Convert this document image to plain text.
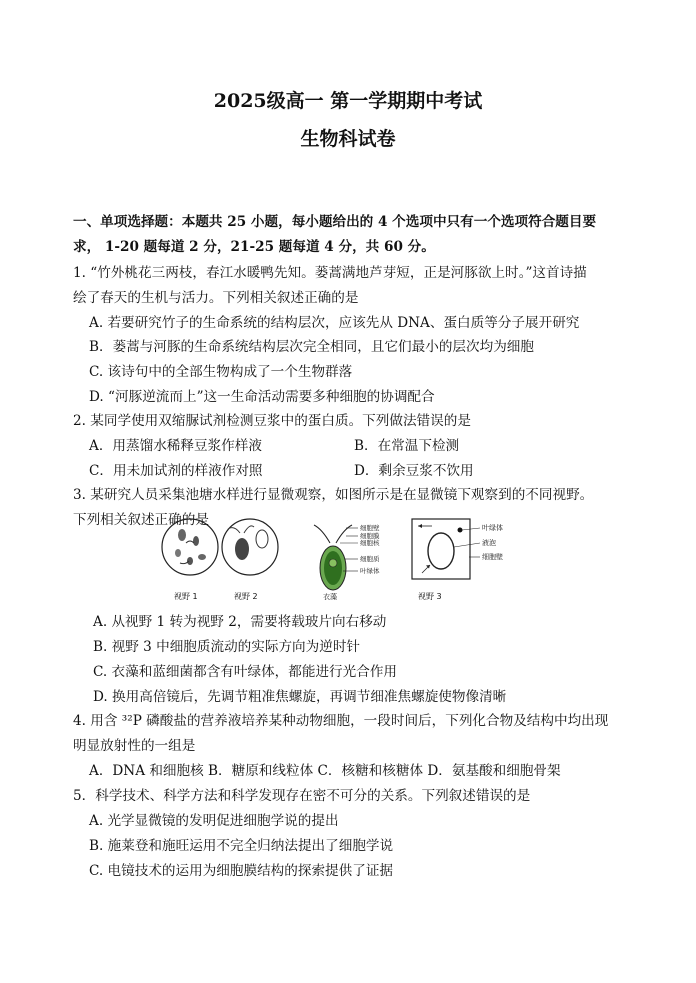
2025级高一 第一学期期中考试
生物科试卷
一、单项选择题：本题共 25 小题，每小题给出的 4 个选项中只有一个选项符合题目要
求， 1-20 题每道 2 分，21-25 题每道 4 分，共 60 分。
1. “竹外桃花三两枝，春江水暖鸭先知。蒌蒿满地芦芽短，正是河豚欲上时。”这首诗描
绘了春天的生机与活力。下列相关叙述正确的是
A. 若要研究竹子的生命系统的结构层次，应该先从 DNA、蛋白质等分子展开研究
B．蒌蒿与河豚的生命系统结构层次完全相同，且它们最小的层次均为细胞
C. 该诗句中的全部生物构成了一个生物群落
D. “河豚逆流而上”这一生命活动需要多种细胞的协调配合
2. 某同学使用双缩脲试剂检测豆浆中的蛋白质。下列做法错误的是
A．用蒸馏水稀释豆浆作样液	B．在常温下检测
C．用未加试剂的样液作对照	D．剩余豆浆不饮用
3. 某研究人员采集池塘水样进行显微观察，如图所示是在显微镜下观察到的不同视野。
下列相关叙述正确的是
视野 1	视野 2
细胞壁
细胞膜
细胞核
细胞质
叶绿体
衣藻
叶绿体
液泡
细胞壁
视野 3
A. 从视野 1 转为视野 2，需要将载玻片向右移动
B. 视野 3 中细胞质流动的实际方向为逆时针
C. 衣藻和蓝细菌都含有叶绿体，都能进行光合作用
D. 换用高倍镜后，先调节粗准焦螺旋，再调节细准焦螺旋使物像清晰
4. 用含 ³²P 磷酸盐的营养液培养某种动物细胞，一段时间后，下列化合物及结构中均出现
明显放射性的一组是
A．DNA 和细胞核 B．糖原和线粒体 C．核糖和核糖体 D．氨基酸和细胞骨架
5．科学技术、科学方法和科学发现存在密不可分的关系。下列叙述错误的是
A. 光学显微镜的发明促进细胞学说的提出
B. 施莱登和施旺运用不完全归纳法提出了细胞学说
C. 电镜技术的运用为细胞膜结构的探索提供了证据
